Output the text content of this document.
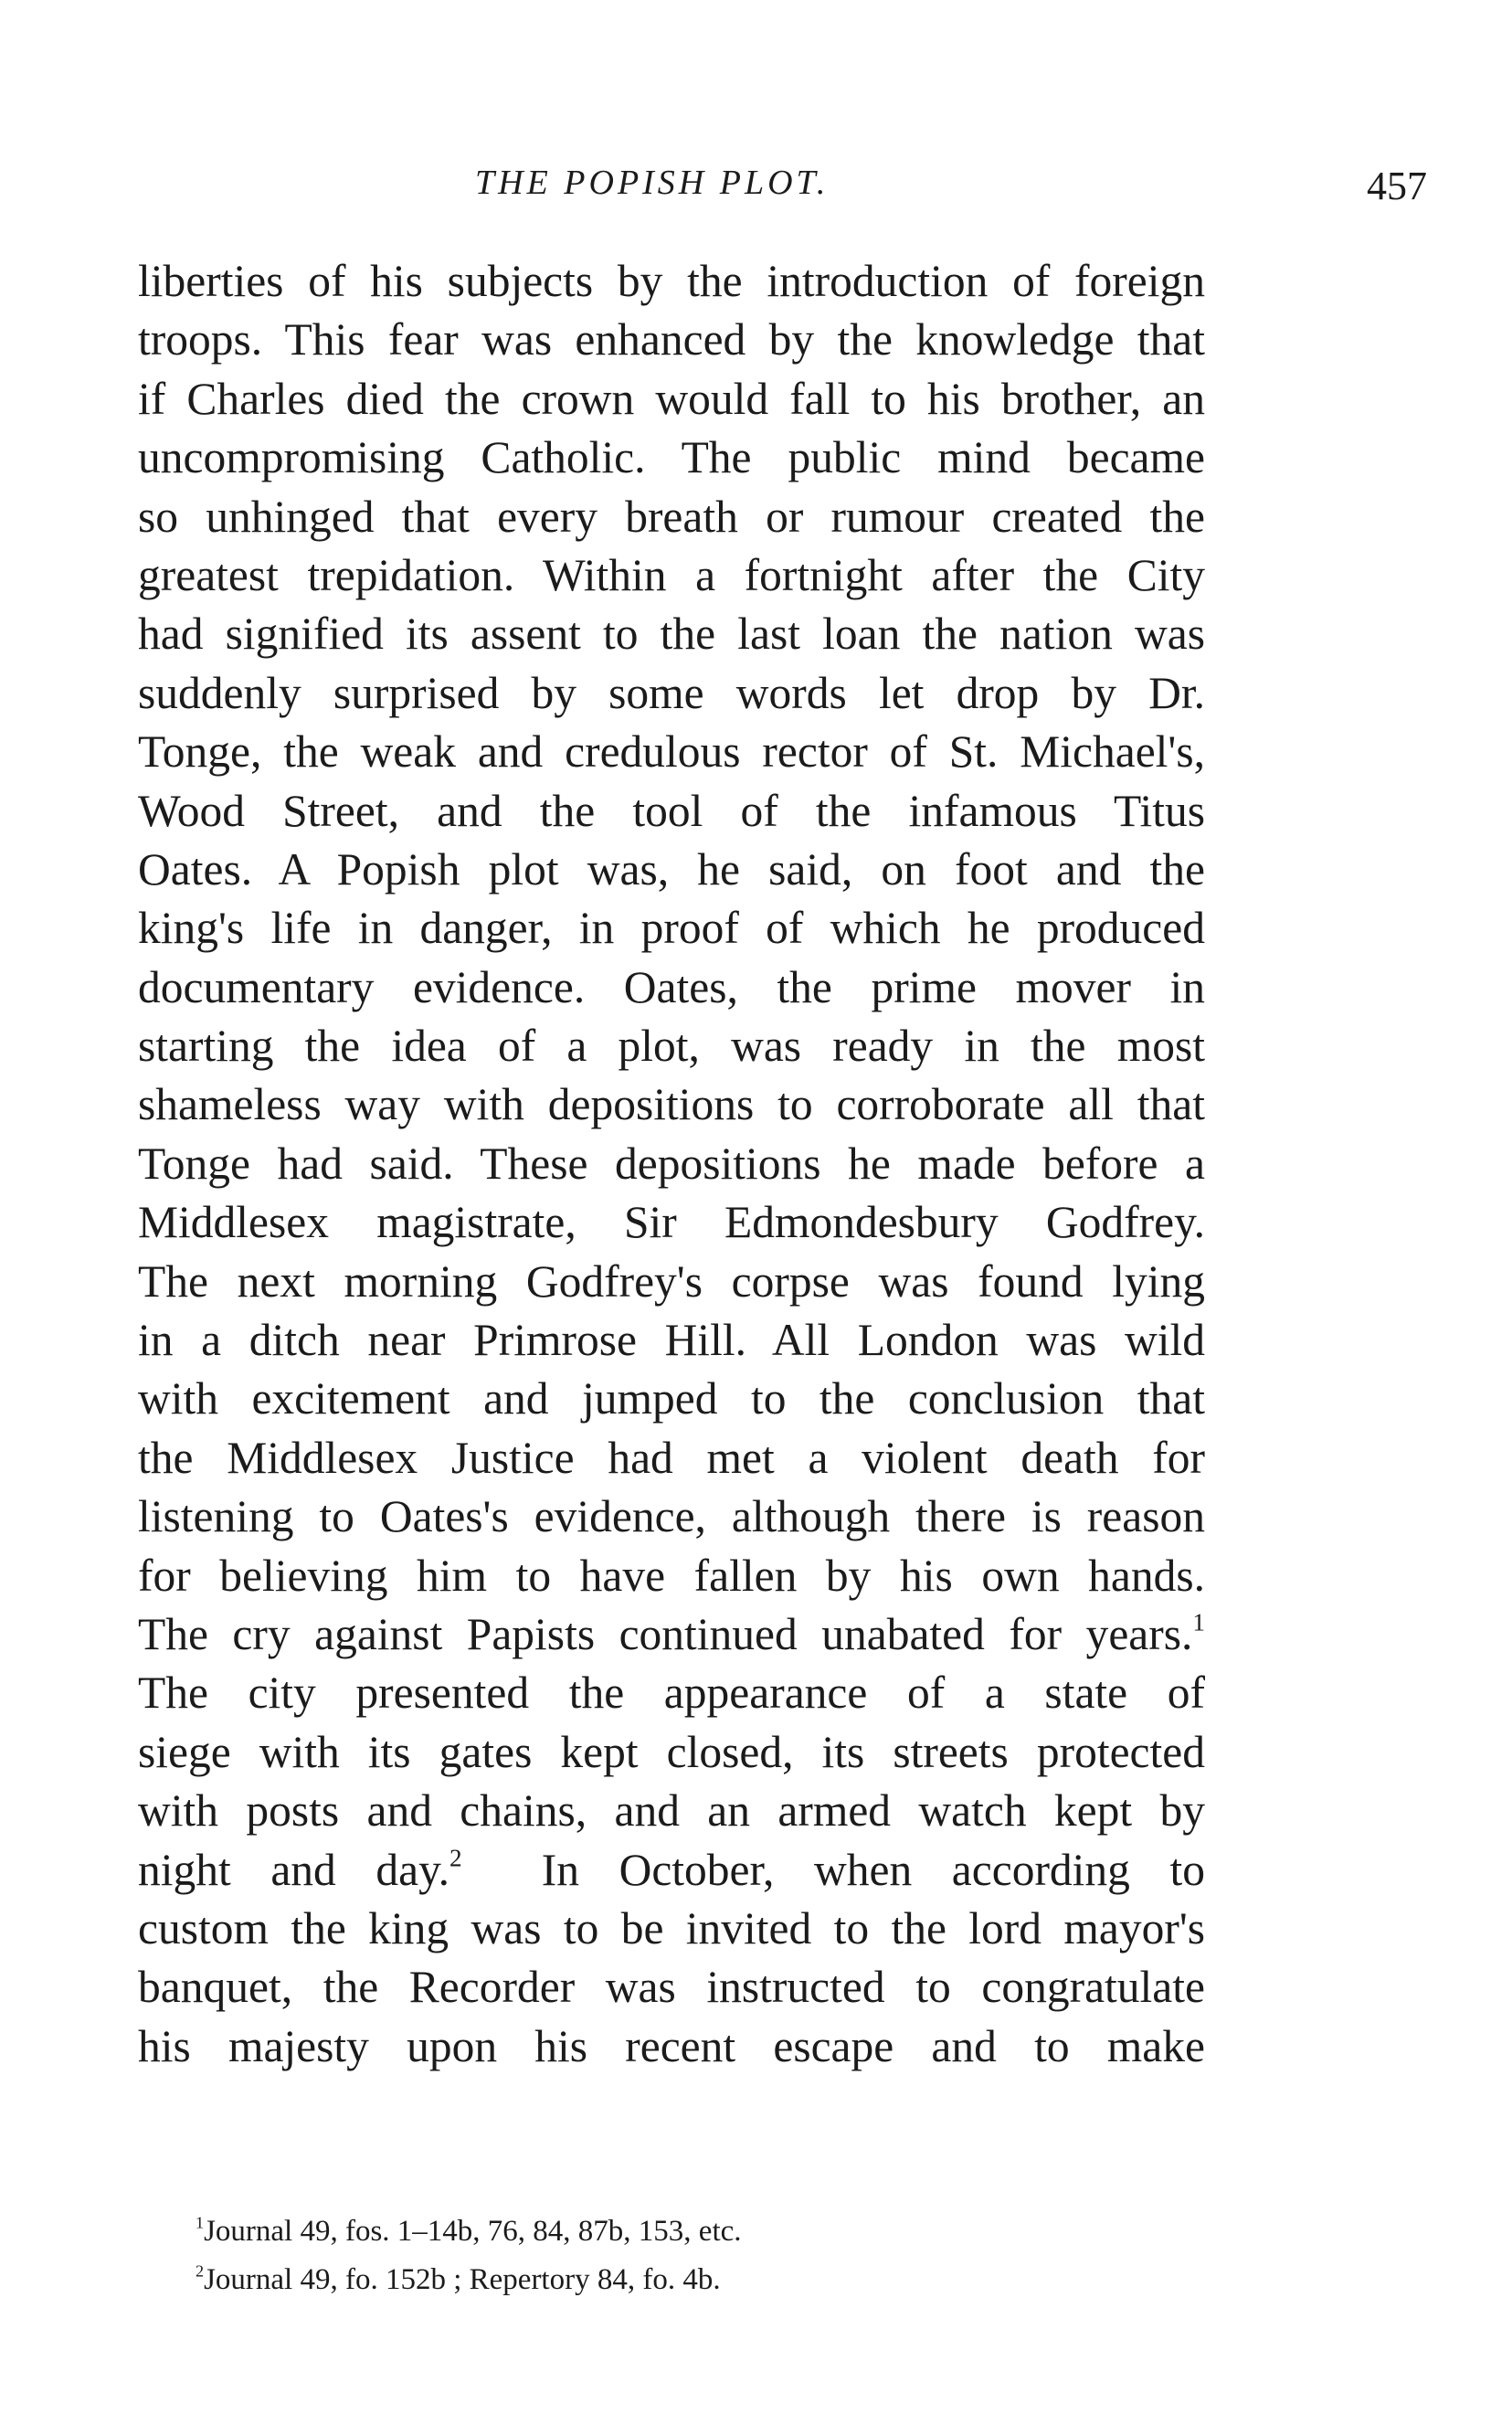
THE POPISH PLOT.	457
liberties of his subjects by the introduction of foreign
troops. This fear was enhanced by the knowledge that
if Charles died the crown would fall to his brother, an
uncompromising Catholic. The public mind became
so unhinged that every breath or rumour created the
greatest trepidation. Within a fortnight after the City
had signified its assent to the last loan the nation was
suddenly surprised by some words let drop by Dr.
Tonge, the weak and credulous rector of St. Michael's,
Wood Street, and the tool of the infamous Titus
Oates. A Popish plot was, he said, on foot and the
king's life in danger, in proof of which he produced
documentary evidence. Oates, the prime mover in
starting the idea of a plot, was ready in the most
shameless way with depositions to corroborate all that
Tonge had said. These depositions he made before a
Middlesex magistrate, Sir Edmondesbury Godfrey.
The next morning Godfrey's corpse was found lying
in a ditch near Primrose Hill. All London was wild
with excitement and jumped to the conclusion that
the Middlesex Justice had met a violent death for
listening to Oates's evidence, although there is reason
for believing him to have fallen by his own hands.
The cry against Papists continued unabated for years.$^1$
The city presented the appearance of a state of
siege with its gates kept closed, its streets protected
with posts and chains, and an armed watch kept by
night and day.$^2$ In October, when according to
custom the king was to be invited to the lord mayor's
banquet, the Recorder was instructed to congratulate
his majesty upon his recent escape and to make
$^1$Journal 49, fos. 1–14b, 76, 84, 87b, 153, etc.
$^2$Journal 49, fo. 152b ; Repertory 84, fo. 4b.
